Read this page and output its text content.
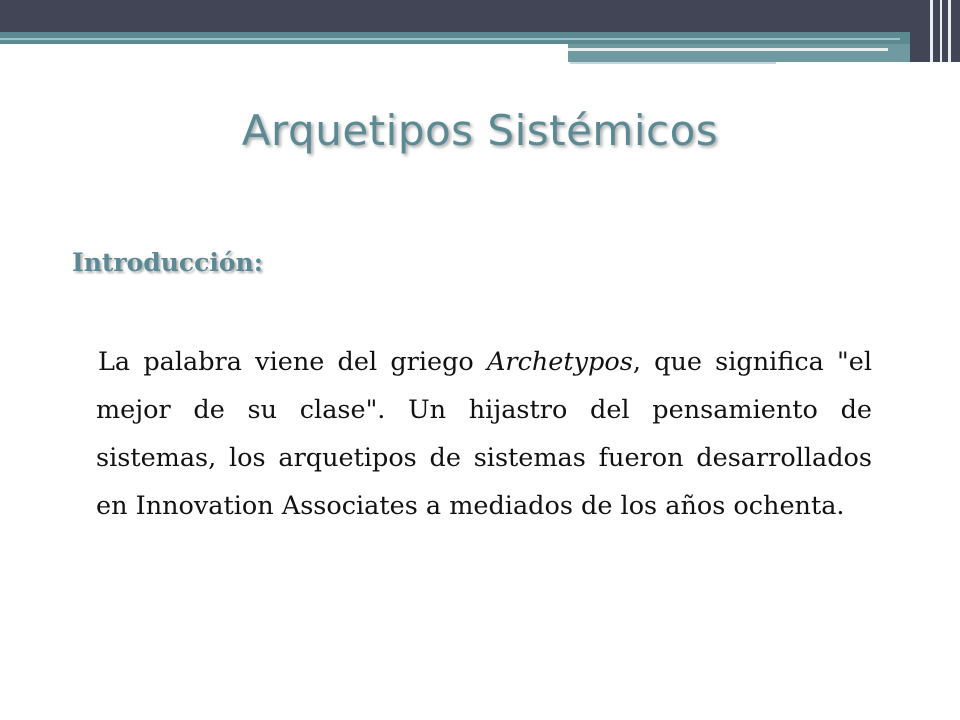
Arquetipos Sistémicos
Introducción:

La palabra viene del griego Archetypos, que significa "el mejor de su clase". Un hijastro del pensamiento de sistemas, los arquetipos de sistemas fueron desarrollados en Innovation Associates a mediados de los años ochenta.
